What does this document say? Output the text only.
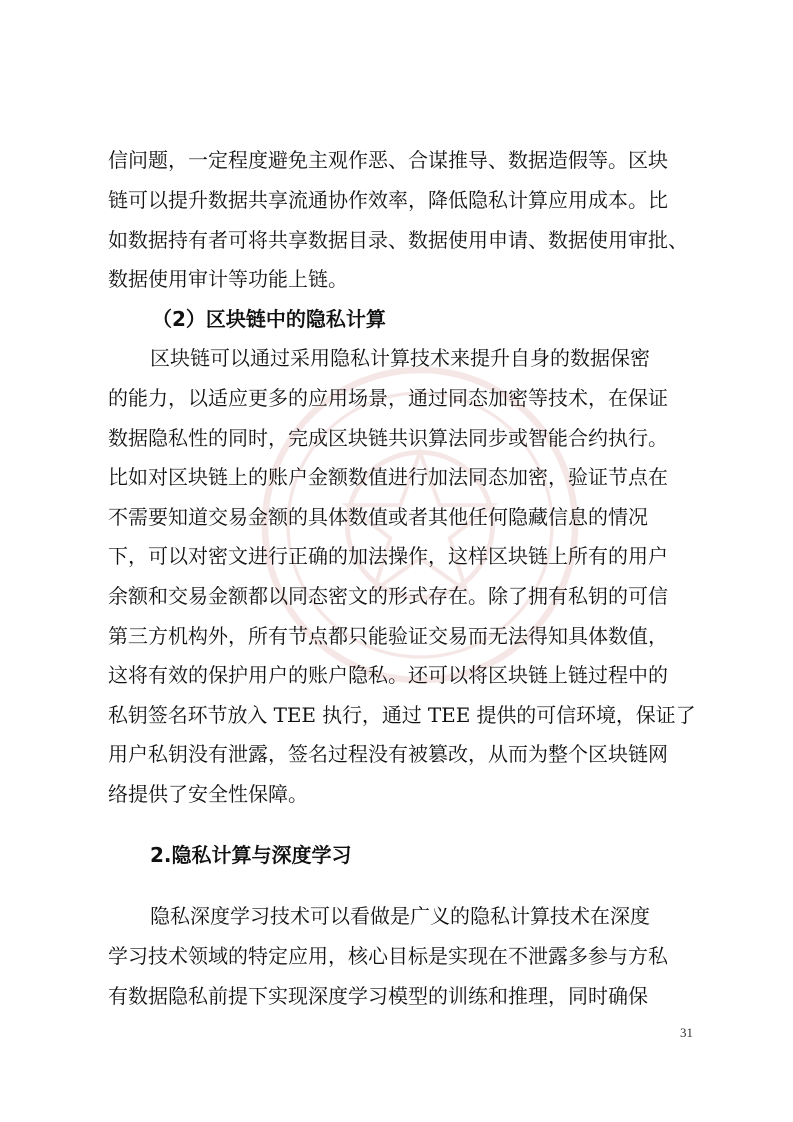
信问题，一定程度避免主观作恶、合谋推导、数据造假等。区块
链可以提升数据共享流通协作效率，降低隐私计算应用成本。比
如数据持有者可将共享数据目录、数据使用申请、数据使用审批、
数据使用审计等功能上链。
（2）区块链中的隐私计算
区块链可以通过采用隐私计算技术来提升自身的数据保密
的能力，以适应更多的应用场景，通过同态加密等技术，在保证
数据隐私性的同时，完成区块链共识算法同步或智能合约执行。
比如对区块链上的账户金额数值进行加法同态加密，验证节点在
不需要知道交易金额的具体数值或者其他任何隐藏信息的情况
下，可以对密文进行正确的加法操作，这样区块链上所有的用户
余额和交易金额都以同态密文的形式存在。除了拥有私钥的可信
第三方机构外，所有节点都只能验证交易而无法得知具体数值，
这将有效的保护用户的账户隐私。还可以将区块链上链过程中的
私钥签名环节放入 TEE 执行，通过 TEE 提供的可信环境，保证了
用户私钥没有泄露，签名过程没有被篡改，从而为整个区块链网
络提供了安全性保障。
2.隐私计算与深度学习
隐私深度学习技术可以看做是广义的隐私计算技术在深度
学习技术领域的特定应用，核心目标是实现在不泄露多参与方私
有数据隐私前提下实现深度学习模型的训练和推理，同时确保
31
